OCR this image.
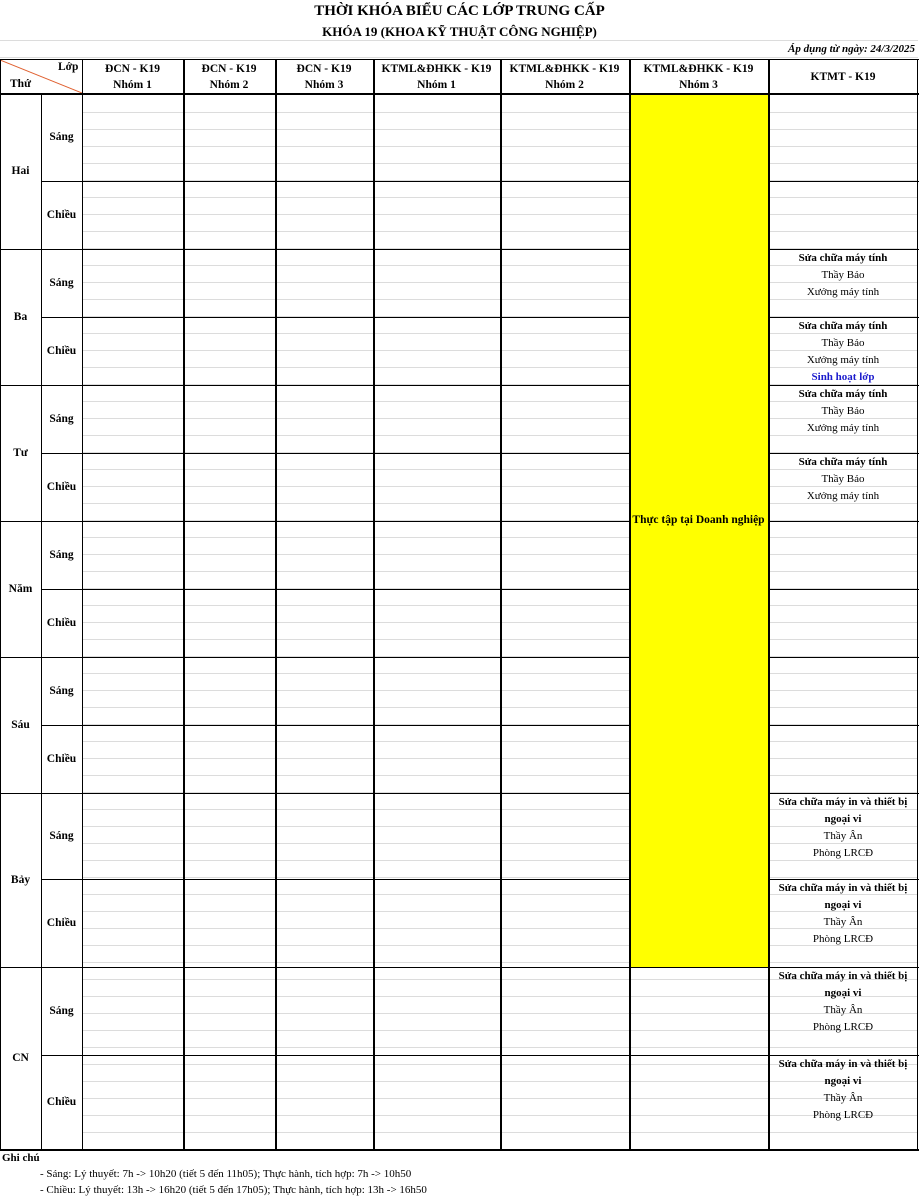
THỜI KHÓA BIỂU CÁC LỚP TRUNG CẤP
KHÓA 19 (KHOA KỸ THUẬT CÔNG NGHIỆP)
Áp dụng từ ngày: 24/3/2025
Thực tập tại Doanh nghiệp
Lớp
Thứ
ĐCN - K19
Nhóm 1
ĐCN - K19
Nhóm 2
ĐCN - K19
Nhóm 3
KTML&ĐHKK - K19
Nhóm 1
KTML&ĐHKK - K19
Nhóm 2
KTML&ĐHKK - K19
Nhóm 3
KTMT - K19
Hai
Sáng
Chiều
Ba
Sáng
Chiều
Tư
Sáng
Chiều
Năm
Sáng
Chiều
Sáu
Sáng
Chiều
Bảy
Sáng
Chiều
CN
Sáng
Chiều
Sửa chữa máy tính
Thầy Bảo
Xưởng máy tính
Sửa chữa máy tính
Thầy Bảo
Xưởng máy tính
Sinh hoạt lớp
Sửa chữa máy tính
Thầy Bảo
Xưởng máy tính
Sửa chữa máy tính
Thầy Bảo
Xưởng máy tính
Sửa chữa máy in và thiết bị ngoại vi
Thầy Ân
Phòng LRCĐ
Sửa chữa máy in và thiết bị ngoại vi
Thầy Ân
Phòng LRCĐ
Sửa chữa máy in và thiết bị ngoại vi
Thầy Ân
Phòng LRCĐ
Sửa chữa máy in và thiết bị ngoại vi
Thầy Ân
Phòng LRCĐ
Ghi chú
- Sáng: Lý thuyết: 7h -> 10h20 (tiết 5 đến 11h05); Thực hành, tích hợp: 7h -> 10h50
- Chiều: Lý thuyết: 13h -> 16h20 (tiết 5 đến 17h05); Thực hành, tích hợp: 13h -> 16h50
